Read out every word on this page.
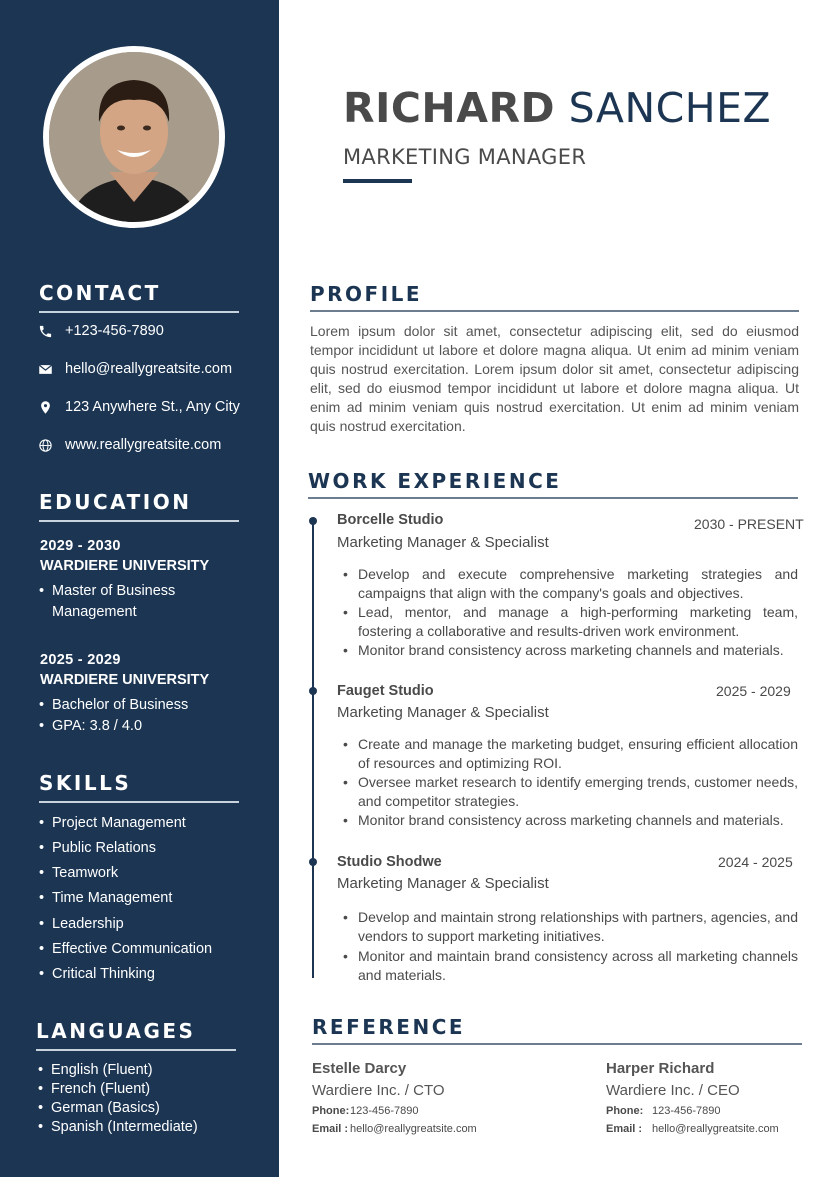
CONTACT
+123-456-7890
hello@reallygreatsite.com
123 Anywhere St., Any City
www.reallygreatsite.com
EDUCATION
2029 - 2030
WARDIERE UNIVERSITY
• Master of Business
Management
2025 - 2029
WARDIERE UNIVERSITY
• Bachelor of Business
• GPA: 3.8 / 4.0
SKILLS
• Project Management
• Public Relations
• Teamwork
• Time Management
• Leadership
• Effective Communication
• Critical Thinking
LANGUAGES
• English (Fluent)
• French (Fluent)
• German (Basics)
• Spanish (Intermediate)
RICHARD SANCHEZ
MARKETING MANAGER
PROFILE
Lorem ipsum dolor sit amet, consectetur adipiscing elit, sed do eiusmod tempor incididunt ut labore et dolore magna aliqua. Ut enim ad minim veniam quis nostrud exercitation. Lorem ipsum dolor sit amet, consectetur adipiscing elit, sed do eiusmod tempor incididunt ut labore et dolore magna aliqua. Ut enim ad minim veniam quis nostrud exercitation. Ut enim ad minim veniam quis nostrud exercitation.
WORK EXPERIENCE
Borcelle Studio	2030 - PRESENT
Marketing Manager & Specialist
• Develop and execute comprehensive marketing strategies and campaigns that align with the company's goals and objectives.
• Lead, mentor, and manage a high-performing marketing team, fostering a collaborative and results-driven work environment.
• Monitor brand consistency across marketing channels and materials.
Fauget Studio	2025 - 2029
Marketing Manager & Specialist
• Create and manage the marketing budget, ensuring efficient allocation of resources and optimizing ROI.
• Oversee market research to identify emerging trends, customer needs, and competitor strategies.
• Monitor brand consistency across marketing channels and materials.
Studio Shodwe	2024 - 2025
Marketing Manager & Specialist
• Develop and maintain strong relationships with partners, agencies, and vendors to support marketing initiatives.
• Monitor and maintain brand consistency across all marketing channels and materials.
REFERENCE
Estelle Darcy
Wardiere Inc. / CTO
Phone:123-456-7890
Email : hello@reallygreatsite.com
Harper Richard
Wardiere Inc. / CEO
Phone: 123-456-7890
Email : hello@reallygreatsite.com
